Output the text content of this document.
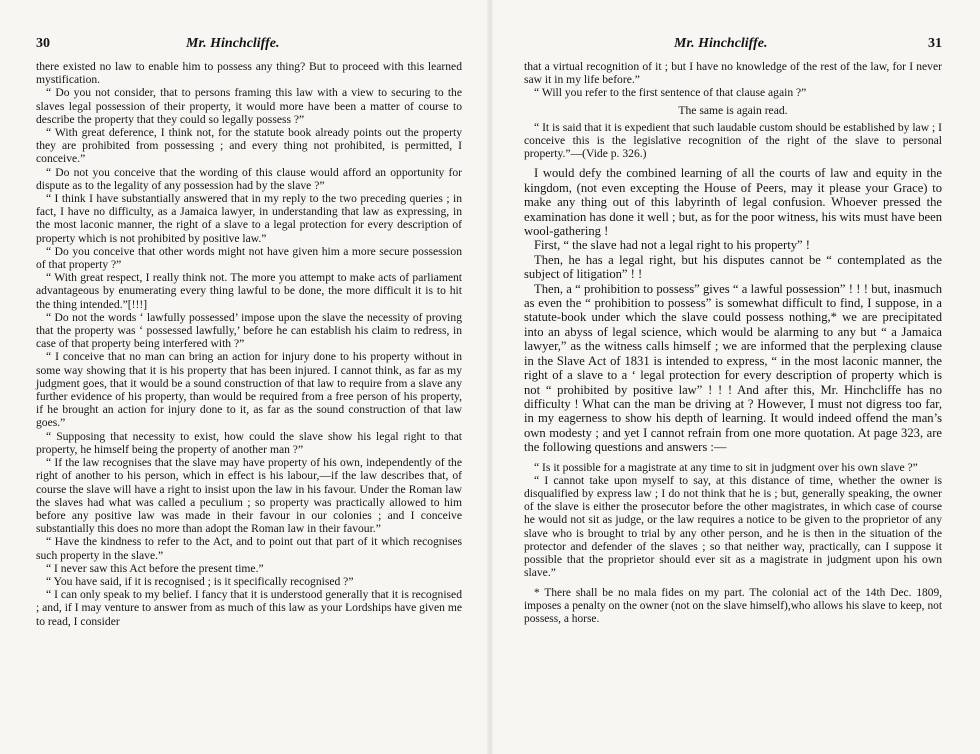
30	Mr. Hinchcliffe.

there existed no law to enable him to possess any thing? But to proceed with this learned mystification.

“ Do you not consider, that to persons framing this law with a view to securing to the slaves legal possession of their property, it would more have been a matter of course to describe the property that they could so legally possess ?”

“ With great deference, I think not, for the statute book already points out the property they are prohibited from possessing ; and every thing not prohibited, is permitted, I conceive.”

“ Do not you conceive that the wording of this clause would afford an opportunity for dispute as to the legality of any possession had by the slave ?”

“ I think I have substantially answered that in my reply to the two preceding queries ; in fact, I have no difficulty, as a Jamaica lawyer, in understanding that law as expressing, in the most laconic manner, the right of a slave to a legal protection for every description of property which is not prohibited by positive law.”

“ Do you conceive that other words might not have given him a more secure possession of that property ?”

“ With great respect, I really think not. The more you attempt to make acts of parliament advantageous by enumerating every thing lawful to be done, the more difficult it is to hit the thing intended.”[!!!]

“ Do not the words ‘ lawfully possessed’ impose upon the slave the necessity of proving that the property was ‘ possessed lawfully,’ before he can establish his claim to redress, in case of that property being interfered with ?”

“ I conceive that no man can bring an action for injury done to his property without in some way showing that it is his property that has been injured. I cannot think, as far as my judgment goes, that it would be a sound construction of that law to require from a slave any further evidence of his property, than would be required from a free person of his property, if he brought an action for injury done to it, as far as the sound construction of that law goes.”

“ Supposing that necessity to exist, how could the slave show his legal right to that property, he himself being the property of another man ?”

“ If the law recognises that the slave may have property of his own, independently of the right of another to his person, which in effect is his labour,—if the law describes that, of course the slave will have a right to insist upon the law in his favour. Under the Roman law the slaves had what was called a peculium ; so property was practically allowed to him before any positive law was made in their favour in our colonies ; and I conceive substantially this does no more than adopt the Roman law in their favour.”

“ Have the kindness to refer to the Act, and to point out that part of it which recognises such property in the slave.”

“ I never saw this Act before the present time.”

“ You have said, if it is recognised ; is it specifically recognised ?”

“ I can only speak to my belief. I fancy that it is understood generally that it is recognised ; and, if I may venture to answer from as much of this law as your Lordships have given me to read, I consider

Mr. Hinchcliffe.	31

that a virtual recognition of it ; but I have no knowledge of the rest of the law, for I never saw it in my life before.”

“ Will you refer to the first sentence of that clause again ?”

The same is again read.

“ It is said that it is expedient that such laudable custom should be established by law ; I conceive this is the legislative recognition of the right of the slave to personal property.”—(Vide p. 326.)

I would defy the combined learning of all the courts of law and equity in the kingdom, (not even excepting the House of Peers, may it please your Grace) to make any thing out of this labyrinth of legal confusion. Whoever pressed the examination has done it well ; but, as for the poor witness, his wits must have been wool-gathering !

First, “ the slave had not a legal right to his property” !

Then, he has a legal right, but his disputes cannot be “ contemplated as the subject of litigation” ! !

Then, a “ prohibition to possess” gives “ a lawful possession” ! ! ! but, inasmuch as even the “ prohibition to possess” is somewhat difficult to find, I suppose, in a statute-book under which the slave could possess nothing,* we are precipitated into an abyss of legal science, which would be alarming to any but “ a Jamaica lawyer,” as the witness calls himself ; we are informed that the perplexing clause in the Slave Act of 1831 is intended to express, “ in the most laconic manner, the right of a slave to a ‘ legal protection for every description of property which is not “ prohibited by positive law” ! ! ! And after this, Mr. Hinchcliffe has no difficulty ! What can the man be driving at ? However, I must not digress too far, in my eagerness to show his depth of learning. It would indeed offend the man’s own modesty ; and yet I cannot refrain from one more quotation. At page 323, are the following questions and answers :—

“ Is it possible for a magistrate at any time to sit in judgment over his own slave ?”

“ I cannot take upon myself to say, at this distance of time, whether the owner is disqualified by express law ; I do not think that he is ; but, generally speaking, the owner of the slave is either the prosecutor before the other magistrates, in which case of course he would not sit as judge, or the law requires a notice to be given to the proprietor of any slave who is brought to trial by any other person, and he is then in the situation of the protector and defender of the slaves ; so that neither way, practically, can I suppose it possible that the proprietor should ever sit as a magistrate in judgment upon his own slave.”

* There shall be no mala fides on my part. The colonial act of the 14th Dec. 1809, imposes a penalty on the owner (not on the slave himself),who allows his slave to keep, not possess, a horse.
